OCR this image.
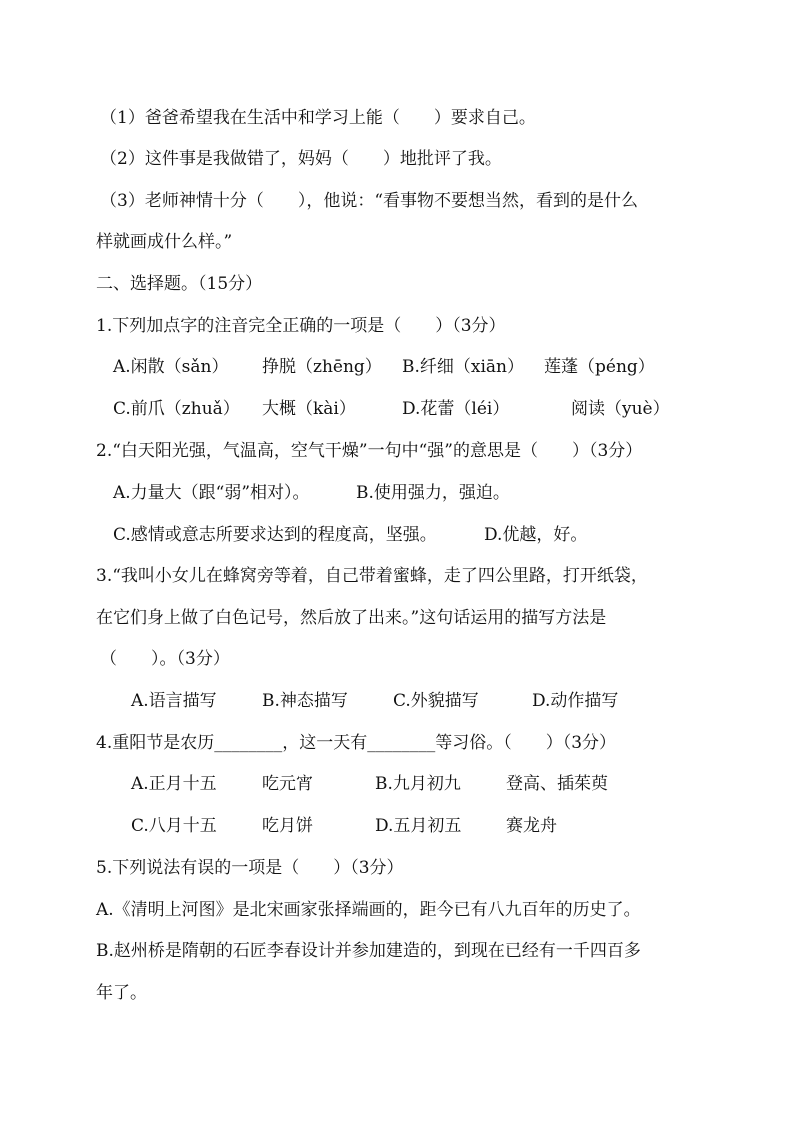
（1）爸爸希望我在生活中和学习上能（　　）要求自己。
（2）这件事是我做错了，妈妈（　　）地批评了我。
（3）老师神情十分（　　），他说：“看事物不要想当然，看到的是什么
样就画成什么样。”
二、选择题。（15分）
1.下列加点字的注音完全正确的一项是（　　）（3分）
A.闲散（sǎn） 挣脱（zhēng） B.纤细（xiān） 莲蓬（péng）
C.前爪（zhuǎ） 大概（kài）	D.花蕾（léi）	阅读（yuè）
2.“白天阳光强，气温高，空气干燥”一句中“强”的意思是（　　）（3分）
A.力量大（跟“弱”相对）。	B.使用强力，强迫。
C.感情或意志所要求达到的程度高，坚强。	D.优越，好。
3.“我叫小女儿在蜂窝旁等着，自己带着蜜蜂，走了四公里路，打开纸袋，
在它们身上做了白色记号，然后放了出来。”这句话运用的描写方法是
（　　）。（3分）
A.语言描写	B.神态描写	C.外貌描写	D.动作描写
4.重阳节是农历________，这一天有________等习俗。（　　）（3分）
A.正月十五	吃元宵	B.九月初九	登高、插茱萸
C.八月十五	吃月饼	D.五月初五	赛龙舟
5.下列说法有误的一项是（　　）（3分）
A.《清明上河图》是北宋画家张择端画的，距今已有八九百年的历史了。
B.赵州桥是隋朝的石匠李春设计并参加建造的，到现在已经有一千四百多
年了。
